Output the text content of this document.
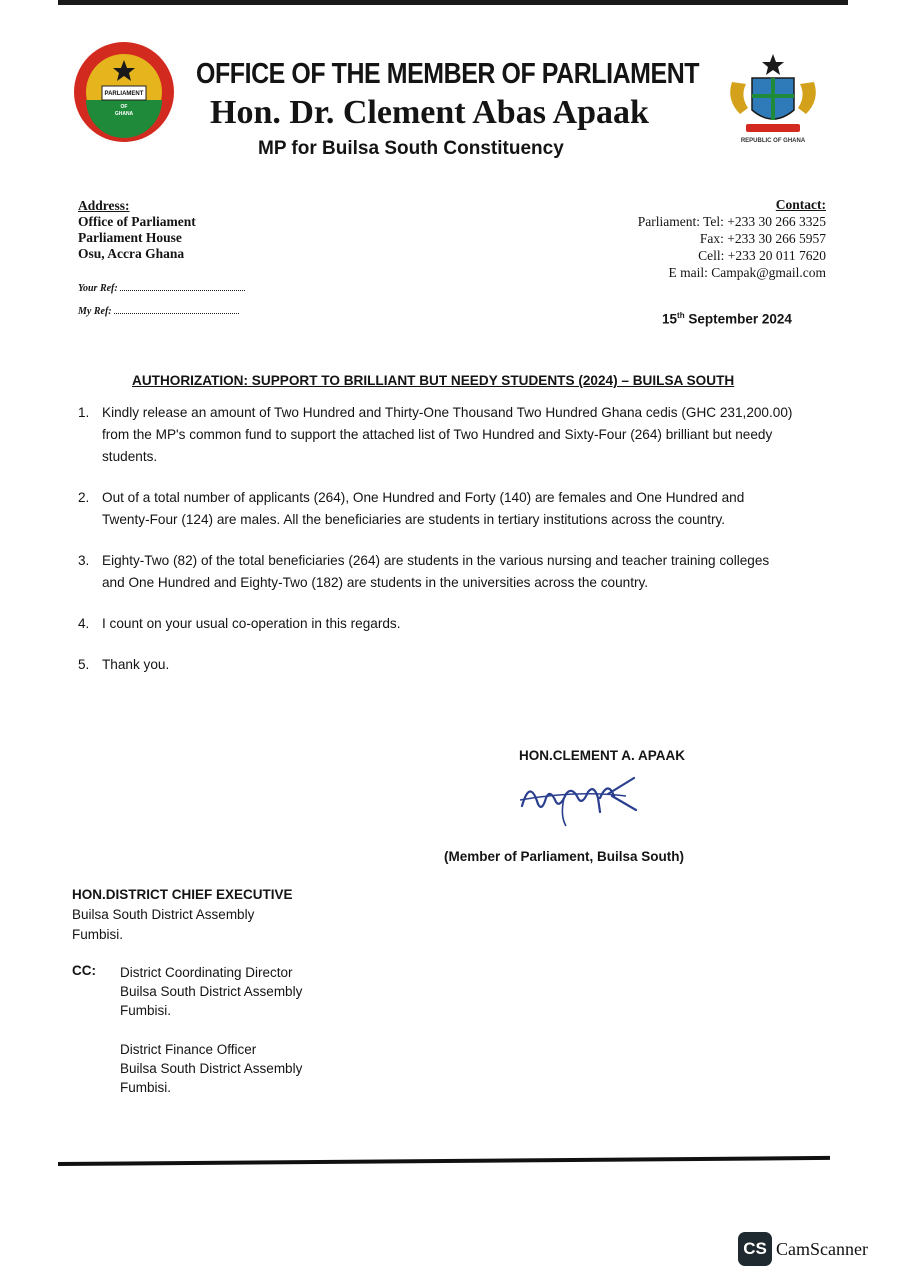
PARLIAMENT
OF
GHANA
OFFICE OF THE MEMBER OF PARLIAMENT
Hon. Dr. Clement Abas Apaak
MP for Builsa South Constituency	REPUBLIC OF GHANA
Address:
Office of Parliament
Parliament House
Osu, Accra Ghana
Contact:
Parliament: Tel: +233 30 266 3325
Fax: +233 30 266 5957
Cell: +233 20 011 7620
E mail: Campak@gmail.com
Your Ref:
My Ref:	15th September 2024
AUTHORIZATION: SUPPORT TO BRILLIANT BUT NEEDY STUDENTS (2024) – BUILSA SOUTH
1. Kindly release an amount of Two Hundred and Thirty-One Thousand Two Hundred Ghana cedis (GHC 231,200.00) from the MP's common fund to support the attached list of Two Hundred and Sixty-Four (264) brilliant but needy students.
2. Out of a total number of applicants (264), One Hundred and Forty (140) are females and One Hundred and Twenty-Four (124) are males. All the beneficiaries are students in tertiary institutions across the country.
3. Eighty-Two (82) of the total beneficiaries (264) are students in the various nursing and teacher training colleges and One Hundred and Eighty-Two (182) are students in the universities across the country.
4. I count on your usual co-operation in this regards.
5. Thank you.
HON.CLEMENT A. APAAK
(Member of Parliament, Builsa South)
HON.DISTRICT CHIEF EXECUTIVE
Builsa South District Assembly
Fumbisi.
CC: District Coordinating Director
Builsa South District Assembly
Fumbisi.
District Finance Officer
Builsa South District Assembly
Fumbisi.
CS CamScanner
